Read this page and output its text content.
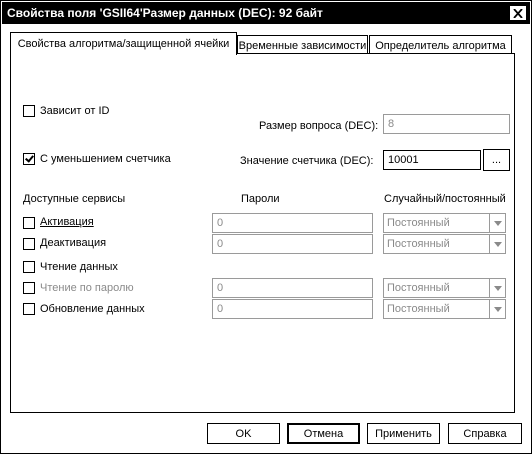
Свойства поля 'GSII64'Размер данных (DEC): 92 байт
Свойства алгоритма/защищенной ячейки Временные зависимости Определитель алгоритма
Зависит от ID
Размер вопроса (DEC): 8
С уменьшением счетчика	Значение счетчика (DEC):	10001	...
Доступные сервисы	Пароли	Случайный/постоянный
Активация	0	Постоянный
Деактивация	0	Постоянный
Чтение данных
Чтение по паролю	0	Постоянный
Обновление данных	0	Постоянный
OK	Отмена	Применить	Справка
